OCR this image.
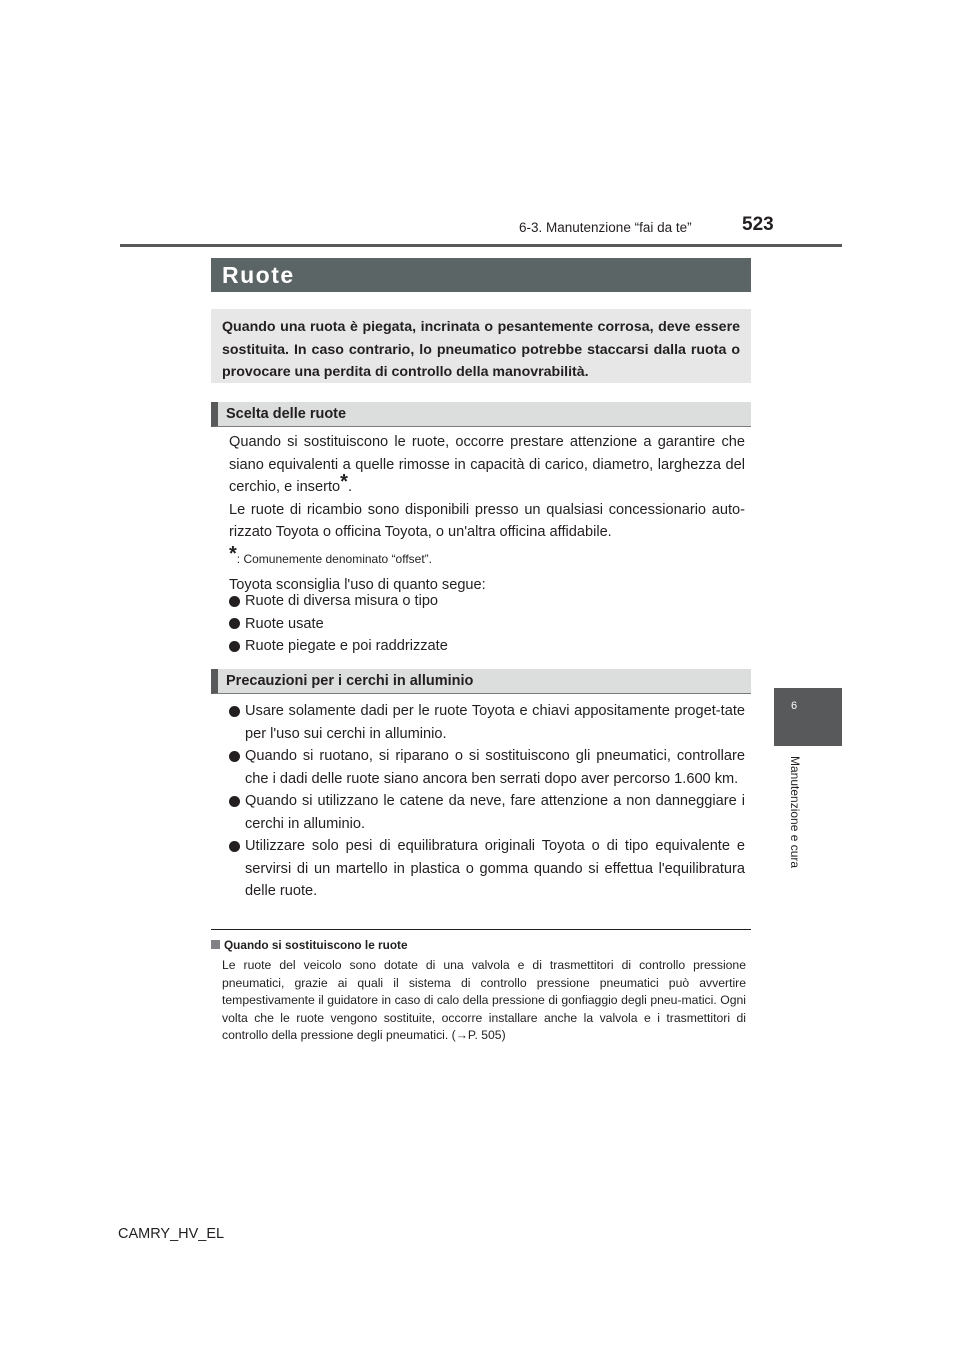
6-3. Manutenzione “fai da te”	523
6
Manutenzione e cura
Ruote
Quando una ruota è piegata, incrinata o pesantemente corrosa, deve essere sostituita. In caso contrario, lo pneumatico potrebbe staccarsi dalla ruota o provocare una perdita di controllo della manovrabilità.
Scelta delle ruote

Quando si sostituiscono le ruote, occorre prestare attenzione a garantire che siano equivalenti a quelle rimosse in capacità di carico, diametro, larghezza del cerchio, e inserto*.

Le ruote di ricambio sono disponibili presso un qualsiasi concessionario auto-rizzato Toyota o officina Toyota, o un'altra officina affidabile.

*: Comunemente denominato “offset”.

Toyota sconsiglia l'uso di quanto segue:

Ruote di diversa misura o tipo
Ruote usate
Ruote piegate e poi raddrizzate
Precauzioni per i cerchi in alluminio
Usare solamente dadi per le ruote Toyota e chiavi appositamente proget-tate per l'uso sui cerchi in alluminio.
Quando si ruotano, si riparano o si sostituiscono gli pneumatici, controllare che i dadi delle ruote siano ancora ben serrati dopo aver percorso 1.600 km.
Quando si utilizzano le catene da neve, fare attenzione a non danneggiare i cerchi in alluminio.
Utilizzare solo pesi di equilibratura originali Toyota o di tipo equivalente e servirsi di un martello in plastica o gomma quando si effettua l'equilibratura delle ruote.
Quando si sostituiscono le ruote
Le ruote del veicolo sono dotate di una valvola e di trasmettitori di controllo pressione pneumatici, grazie ai quali il sistema di controllo pressione pneumatici può avvertire tempestivamente il guidatore in caso di calo della pressione di gonfiaggio degli pneu-matici. Ogni volta che le ruote vengono sostituite, occorre installare anche la valvola e i trasmettitori di controllo della pressione degli pneumatici. (→P. 505)
CAMRY_HV_EL
